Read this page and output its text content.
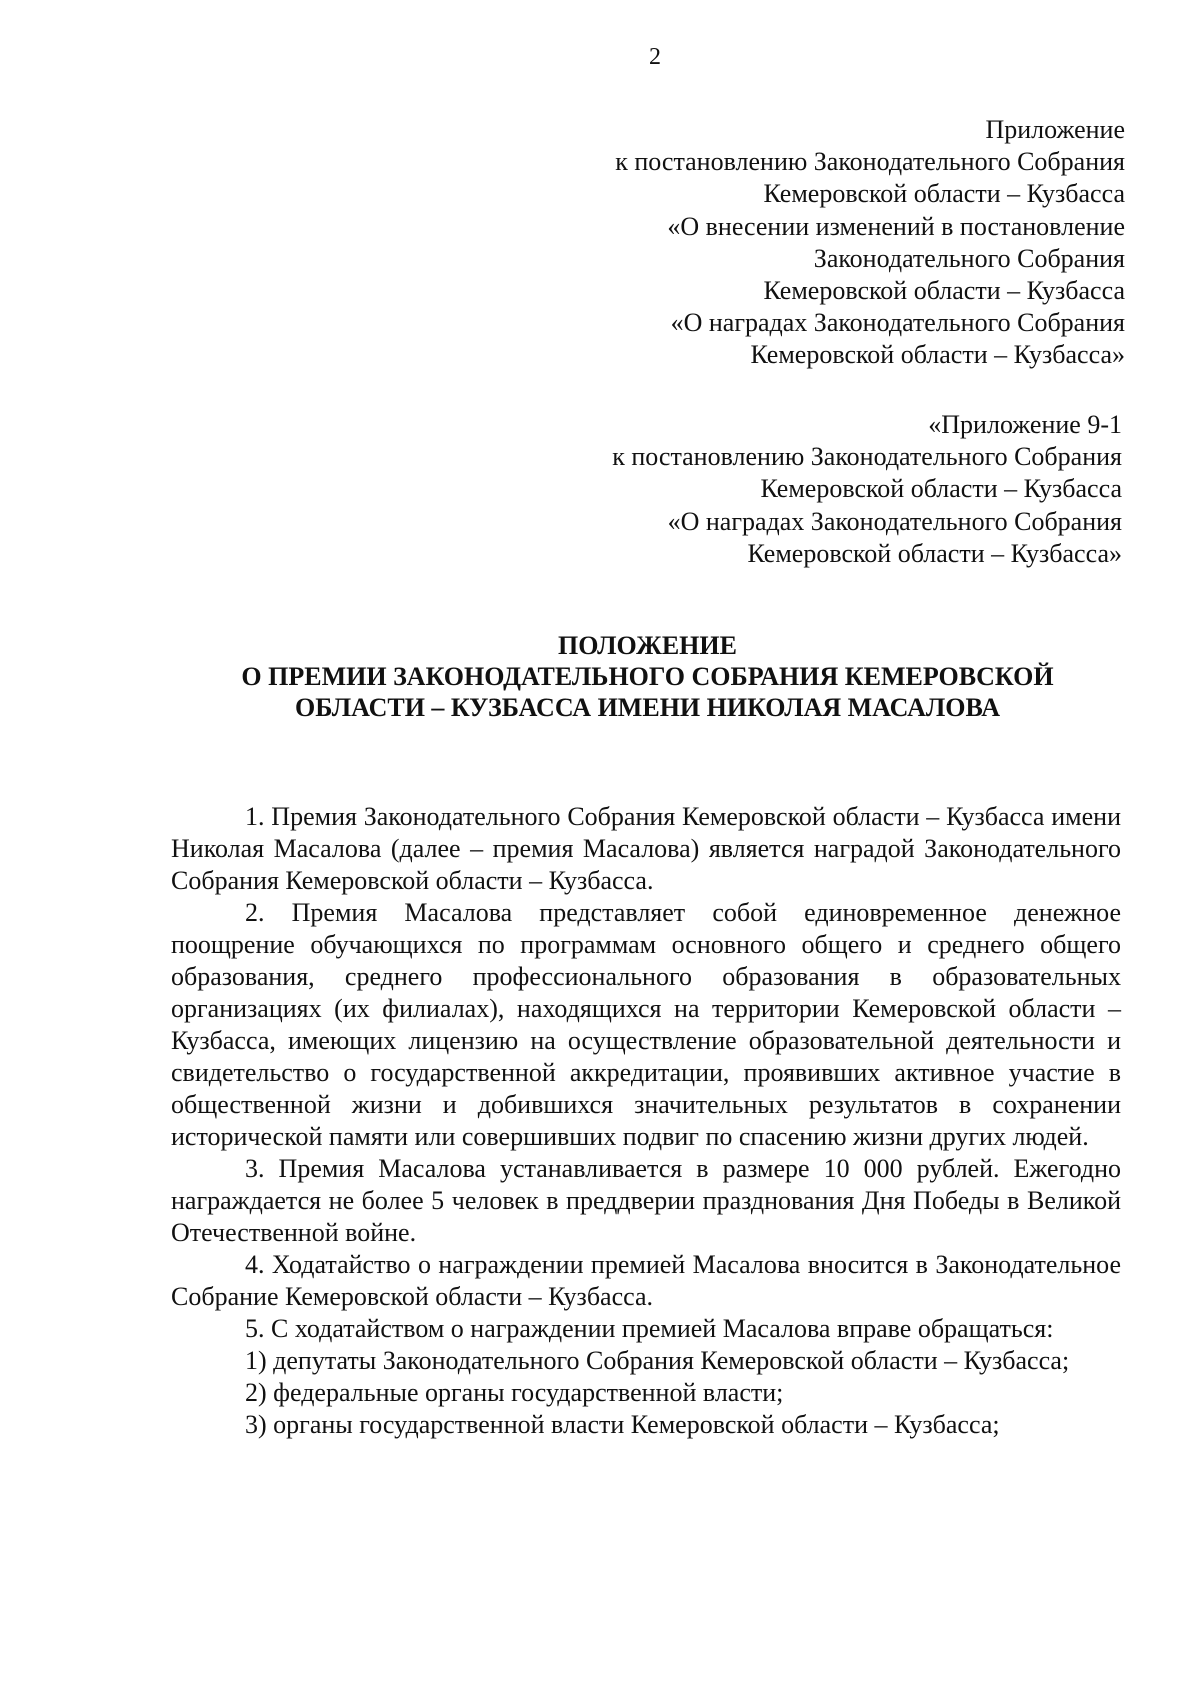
2
Приложение
к постановлению Законодательного Собрания
Кемеровской области – Кузбасса
«О внесении изменений в постановление
Законодательного Собрания
Кемеровской области – Кузбасса
«О наградах Законодательного Собрания
Кемеровской области – Кузбасса»
«Приложение 9-1
к постановлению Законодательного Собрания
Кемеровской области – Кузбасса
«О наградах Законодательного Собрания
Кемеровской области – Кузбасса»
ПОЛОЖЕНИЕ
О ПРЕМИИ ЗАКОНОДАТЕЛЬНОГО СОБРАНИЯ КЕМЕРОВСКОЙ
ОБЛАСТИ – КУЗБАССА ИМЕНИ НИКОЛАЯ МАСАЛОВА

1. Премия Законодательного Собрания Кемеровской области – Кузбасса имени Николая Масалова (далее – премия Масалова) является наградой Законодательного Собрания Кемеровской области – Кузбасса.

2. Премия Масалова представляет собой единовременное денежное поощрение обучающихся по программам основного общего и среднего общего образования, среднего профессионального образования в образовательных организациях (их филиалах), находящихся на территории Кемеровской области – Кузбасса, имеющих лицензию на осуществление образовательной деятельности и свидетельство о государственной аккредитации, проявивших активное участие в общественной жизни и добившихся значительных результатов в сохранении исторической памяти или совершивших подвиг по спасению жизни других людей.

3. Премия Масалова устанавливается в размере 10 000 рублей. Ежегодно награждается не более 5 человек в преддверии празднования Дня Победы в Великой Отечественной войне.

4. Ходатайство о награждении премией Масалова вносится в Законодательное Собрание Кемеровской области – Кузбасса.

5. С ходатайством о награждении премией Масалова вправе обращаться:

1) депутаты Законодательного Собрания Кемеровской области – Кузбасса;

2) федеральные органы государственной власти;

3) органы государственной власти Кемеровской области – Кузбасса;
